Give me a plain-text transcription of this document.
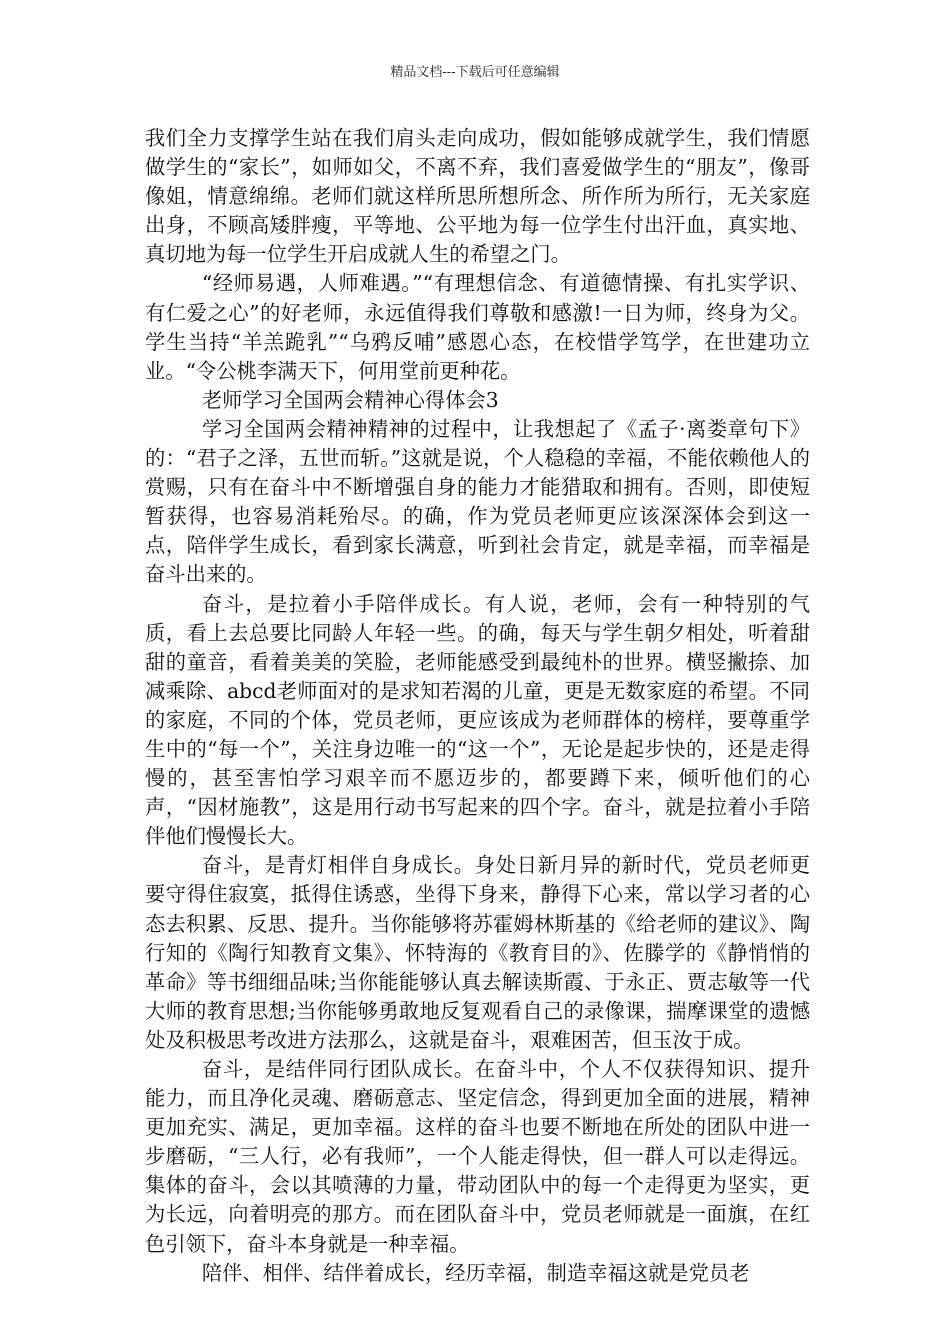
精品文档---下载后可任意编辑

我们全力支撑学生站在我们肩头走向成功，假如能够成就学生，我们情愿做学生的“家长”，如师如父，不离不弃，我们喜爱做学生的“朋友”，像哥像姐，情意绵绵。老师们就这样所思所想所念、所作所为所行，无关家庭出身，不顾高矮胖瘦，平等地、公平地为每一位学生付出汗血，真实地、真切地为每一位学生开启成就人生的希望之门。

“经师易遇，人师难遇。”“有理想信念、有道德情操、有扎实学识、有仁爱之心”的好老师，永远值得我们尊敬和感激!一日为师，终身为父。学生当持“羊羔跪乳”“乌鸦反哺”感恩心态，在校惜学笃学，在世建功立业。“令公桃李满天下，何用堂前更种花。

老师学习全国两会精神心得体会3

学习全国两会精神精神的过程中，让我想起了《孟子·离娄章句下》的：“君子之泽，五世而斩。”这就是说，个人稳稳的幸福，不能依赖他人的赏赐，只有在奋斗中不断增强自身的能力才能猎取和拥有。否则，即使短暂获得，也容易消耗殆尽。的确，作为党员老师更应该深深体会到这一点，陪伴学生成长，看到家长满意，听到社会肯定，就是幸福，而幸福是奋斗出来的。

奋斗，是拉着小手陪伴成长。有人说，老师，会有一种特别的气质，看上去总要比同龄人年轻一些。的确，每天与学生朝夕相处，听着甜甜的童音，看着美美的笑脸，老师能感受到最纯朴的世界。横竖撇捺、加减乘除、abcd老师面对的是求知若渴的儿童，更是无数家庭的希望。不同的家庭，不同的个体，党员老师，更应该成为老师群体的榜样，要尊重学生中的“每一个”，关注身边唯一的“这一个”，无论是起步快的，还是走得慢的，甚至害怕学习艰辛而不愿迈步的，都要蹲下来，倾听他们的心声，“因材施教”，这是用行动书写起来的四个字。奋斗，就是拉着小手陪伴他们慢慢长大。

奋斗，是青灯相伴自身成长。身处日新月异的新时代，党员老师更要守得住寂寞，抵得住诱惑，坐得下身来，静得下心来，常以学习者的心态去积累、反思、提升。当你能够将苏霍姆林斯基的《给老师的建议》、陶行知的《陶行知教育文集》、怀特海的《教育目的》、佐滕学的《静悄悄的革命》等书细细品味;当你能能够认真去解读斯霞、于永正、贾志敏等一代大师的教育思想;当你能够勇敢地反复观看自己的录像课，揣摩课堂的遗憾处及积极思考改进方法那么，这就是奋斗，艰难困苦，但玉汝于成。

奋斗，是结伴同行团队成长。在奋斗中，个人不仅获得知识、提升能力，而且净化灵魂、磨砺意志、坚定信念，得到更加全面的进展，精神更加充实、满足，更加幸福。这样的奋斗也要不断地在所处的团队中进一步磨砺，“三人行，必有我师”，一个人能走得快，但一群人可以走得远。集体的奋斗，会以其喷薄的力量，带动团队中的每一个走得更为坚实，更为长远，向着明亮的那方。而在团队奋斗中，党员老师就是一面旗，在红色引领下，奋斗本身就是一种幸福。

陪伴、相伴、结伴着成长，经历幸福，制造幸福这就是党员老
